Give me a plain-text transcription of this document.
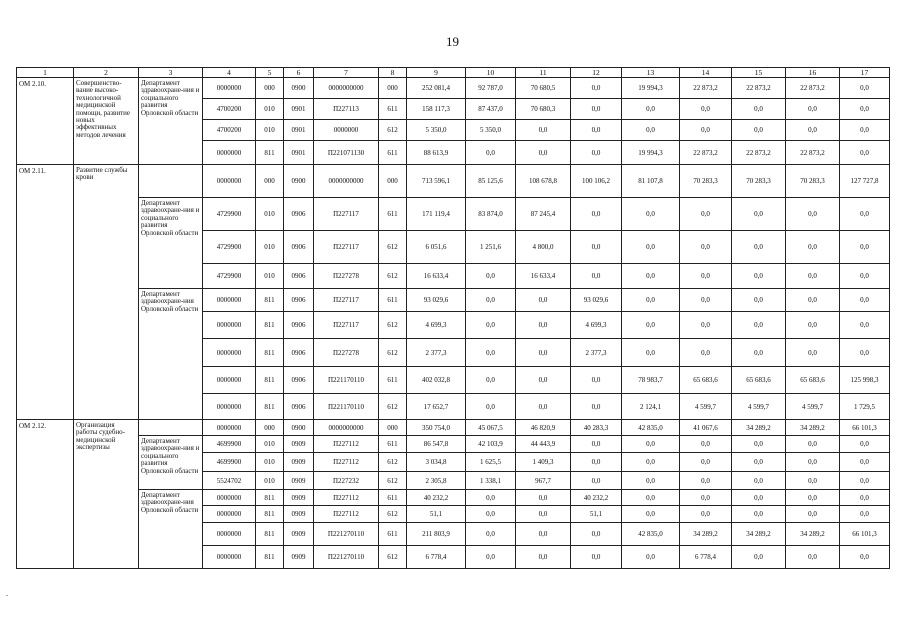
19
1	2	3	4	5	6	7	8	9	10	11	12	13	14	15	16	17
ОМ 2.10.	Совершенство-вание высоко-технологичной медицинской помощи, развитие новых эффективных методов лечения	Департамент здравоохране-ния и социального развития Орловской области	0000000	000	0900	0000000000	000	252 081,4	92 787,0	70 680,5	0,0	19 994,3	22 873,2	22 873,2	22 873,2	0,0
			4700200	010	0901	П227113	611	158 117,3	87 437,0	70 680,3	0,0	0,0	0,0	0,0	0,0	0,0
			4700200	010	0901	0000000	612	5 350,0	5 350,0	0,0	0,0	0,0	0,0	0,0	0,0	0,0
			0000000	811	0901	П221071130	611	88 613,9	0,0	0,0	0,0	19 994,3	22 873,2	22 873,2	22 873,2	0,0
ОМ 2.11.	Развитие службы крови		0000000	000	0900	0000000000	000	713 596,1	85 125,6	108 678,8	100 106,2	81 107,8	70 283,3	70 283,3	70 283,3	127 727,8
		Департамент здравоохране-ния и социального развития Орловской области	4729900	010	0906	П227117	611	171 119,4	83 874,0	87 245,4	0,0	0,0	0,0	0,0	0,0	0,0
			4729900	010	0906	П227117	612	6 051,6	1 251,6	4 800,0	0,0	0,0	0,0	0,0	0,0	0,0
			4729900	010	0906	П227278	612	16 633,4	0,0	16 633,4	0,0	0,0	0,0	0,0	0,0	0,0
		Департамент здравоохране-ния Орловской области	0000000	811	0906	П227117	611	93 029,6	0,0	0,0	93 029,6	0,0	0,0	0,0	0,0	0,0
			0000000	811	0906	П227117	612	4 699,3	0,0	0,0	4 699,3	0,0	0,0	0,0	0,0	0,0
			0000000	811	0906	П227278	612	2 377,3	0,0	0,0	2 377,3	0,0	0,0	0,0	0,0	0,0
			0000000	811	0906	П221170110	611	402 032,8	0,0	0,0	0,0	78 983,7	65 683,6	65 683,6	65 683,6	125 998,3
			0000000	811	0906	П221170110	612	17 652,7	0,0	0,0	0,0	2 124,1	4 599,7	4 599,7	4 599,7	1 729,5
ОМ 2.12.	Организация работы судебно-медицинской экспертизы		0000000	000	0900	0000000000	000	350 754,0	45 067,5	46 820,9	40 283,3	42 835,0	41 067,6	34 289,2	34 289,2	66 101,3
		Департамент здравоохране-ния и социального развития Орловской области	4699900	010	0909	П227112	611	86 547,8	42 103,9	44 443,9	0,0	0,0	0,0	0,0	0,0	0,0
			4699900	010	0909	П227112	612	3 034,8	1 625,5	1 409,3	0,0	0,0	0,0	0,0	0,0	0,0
			5524702	010	0909	П227232	612	2 305,8	1 338,1	967,7	0,0	0,0	0,0	0,0	0,0	0,0
		Департамент здравоохране-ния Орловской области	0000000	811	0909	П227112	611	40 232,2	0,0	0,0	40 232,2	0,0	0,0	0,0	0,0	0,0
			0000000	811	0909	П227112	612	51,1	0,0	0,0	51,1	0,0	0,0	0,0	0,0	0,0
			0000000	811	0909	П221270110	611	211 803,9	0,0	0,0	0,0	42 835,0	34 289,2	34 289,2	34 289,2	66 101,3
			0000000	811	0909	П221270110	612	6 778,4	0,0	0,0	0,0	0,0	6 778,4	0,0	0,0	0,0
.
